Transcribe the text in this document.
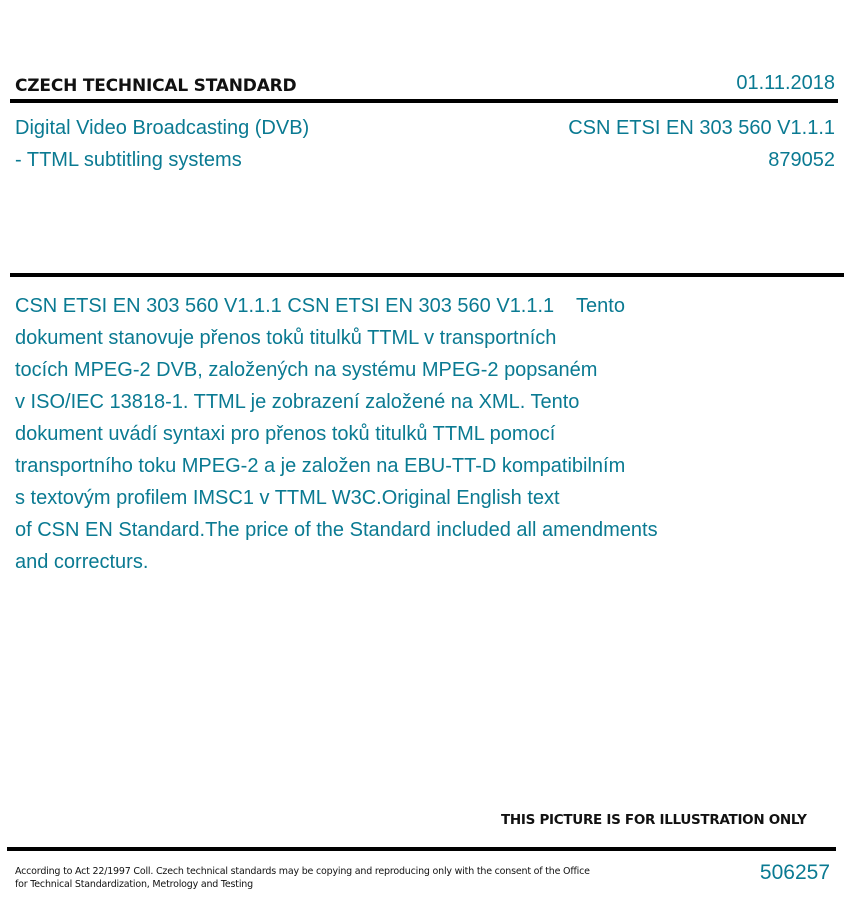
CZECH TECHNICAL STANDARD	01.11.2018
Digital Video Broadcasting (DVB)
- TTML subtitling systems
CSN ETSI EN 303 560 V1.1.1
879052

CSN ETSI EN 303 560 V1.1.1 CSN ETSI EN 303 560 V1.1.1    Tento
dokument stanovuje přenos toků titulků TTML v transportních
tocích MPEG-2 DVB, založených na systému MPEG-2 popsaném
v ISO/IEC 13818-1. TTML je zobrazení založené na XML. Tento
dokument uvádí syntaxi pro přenos toků titulků TTML pomocí
transportního toku MPEG-2 a je založen na EBU-TT-D kompatibilním
s textovým profilem IMSC1 v TTML W3C.Original English text
of CSN EN Standard.The price of the Standard included all amendments
and correcturs.

THIS PICTURE IS FOR ILLUSTRATION ONLY
According to Act 22/1997 Coll. Czech technical standards may be copying and reproducing only with the consent of the Office
for Technical Standardization, Metrology and Testing
506257
